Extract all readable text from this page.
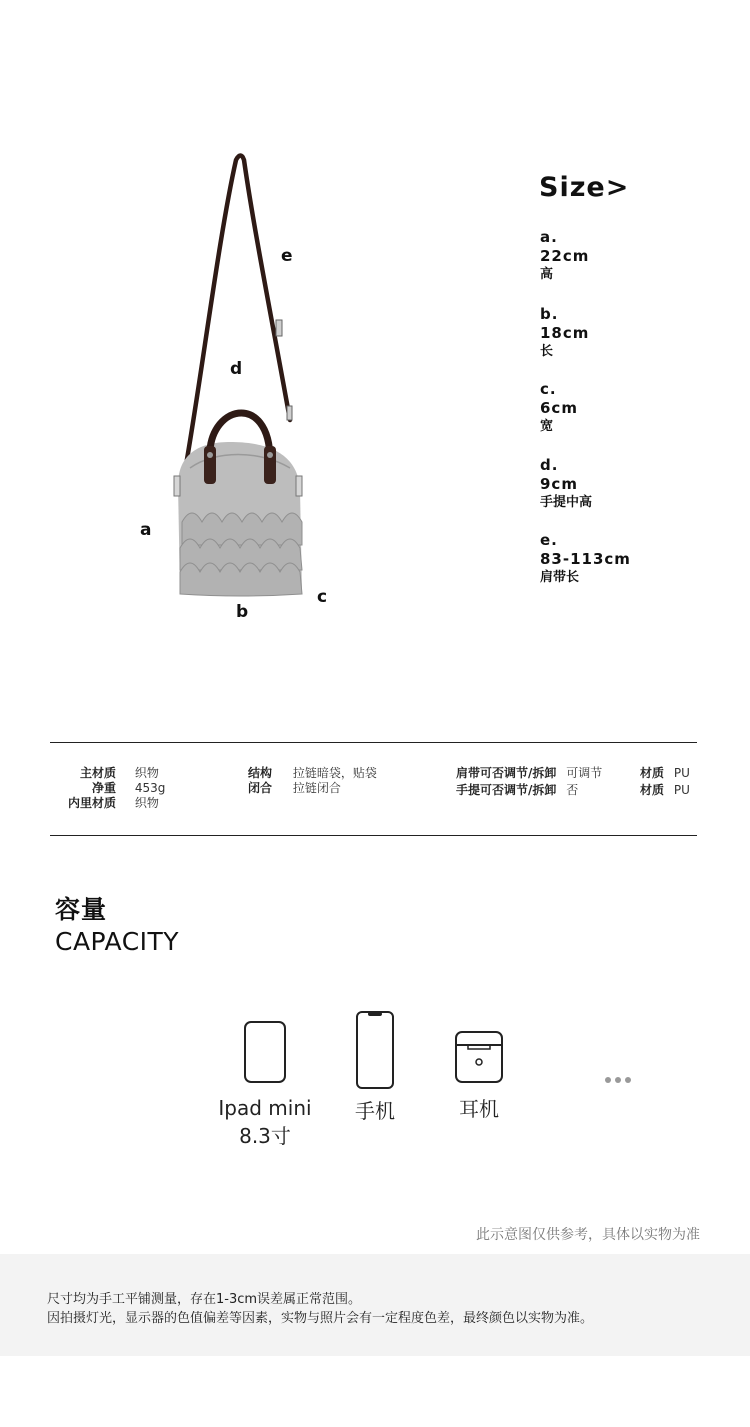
e
d
a
b
c
Size>
a.
22cm
高
b.
18cm
长
c.
6cm
宽
d.
9cm
手提中高
e.
83-113cm
肩带长
主材质 织物
净重 453g
内里材质 织物
结构 拉链暗袋，贴袋
闭合 拉链闭合
肩带可否调节/拆卸 可调节
手提可否调节/拆卸 否
材质 PU
材质 PU
容量
CAPACITY
Ipad mini
8.3寸
手机	耳机
此示意图仅供参考，具体以实物为准

尺寸均为手工平铺测量，存在1-3cm误差属正常范围。

因拍摄灯光，显示器的色值偏差等因素，实物与照片会有一定程度色差，最终颜色以实物为准。
